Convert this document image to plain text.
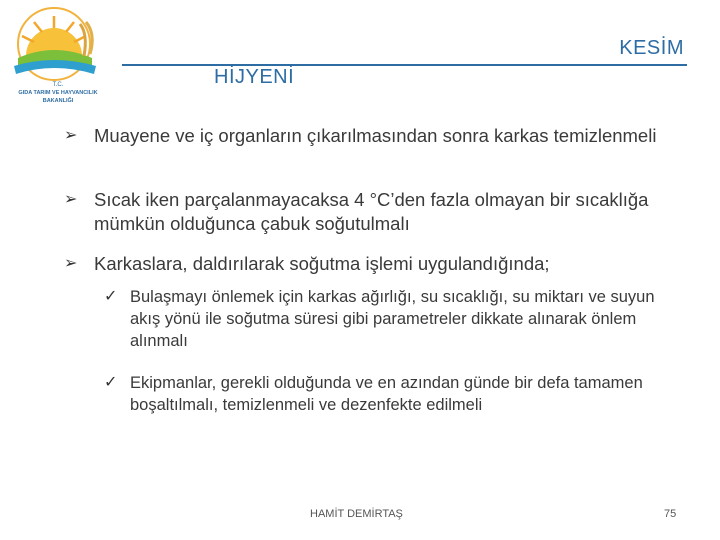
T.C.
GIDA TARIM VE HAYVANCILIK
BAKANLIĞI
KESİM
HİJYENİ
➢ Muayene ve iç organların çıkarılmasından sonra karkas temizlenmeli
➢ Sıcak iken parçalanmayacaksa 4 °C’den fazla olmayan bir sıcaklığa mümkün olduğunca çabuk soğutulmalı
➢ Karkaslara, daldırılarak soğutma işlemi uygulandığında;
✓ Bulaşmayı önlemek için karkas ağırlığı, su sıcaklığı, su miktarı ve suyun akış yönü ile soğutma süresi gibi parametreler dikkate alınarak önlem alınmalı
✓ Ekipmanlar, gerekli olduğunda ve en azından günde bir defa tamamen boşaltılmalı, temizlenmeli ve dezenfekte edilmeli
HAMİT DEMİRTAŞ	75
